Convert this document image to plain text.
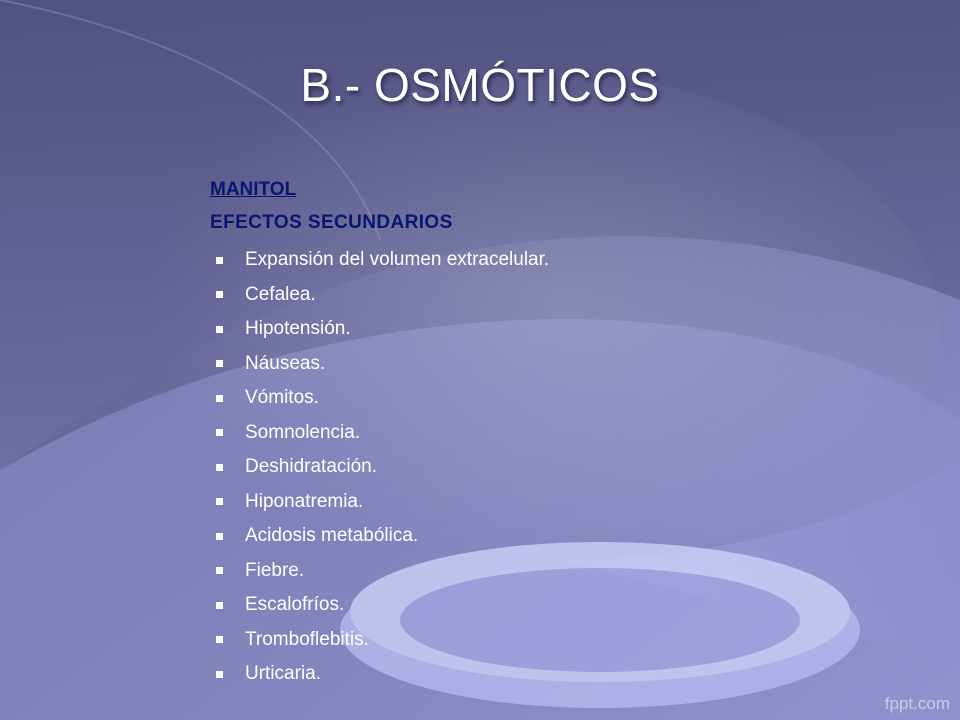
B.- OSMÓTICOS
MANITOL
EFECTOS SECUNDARIOS
Expansión del volumen extracelular.
Cefalea.
Hipotensión.
Náuseas.
Vómitos.
Somnolencia.
Deshidratación.
Hiponatremia.
Acidosis metabólica.
Fiebre.
Escalofríos.
Tromboflebitis.
Urticaria.
fppt.com
